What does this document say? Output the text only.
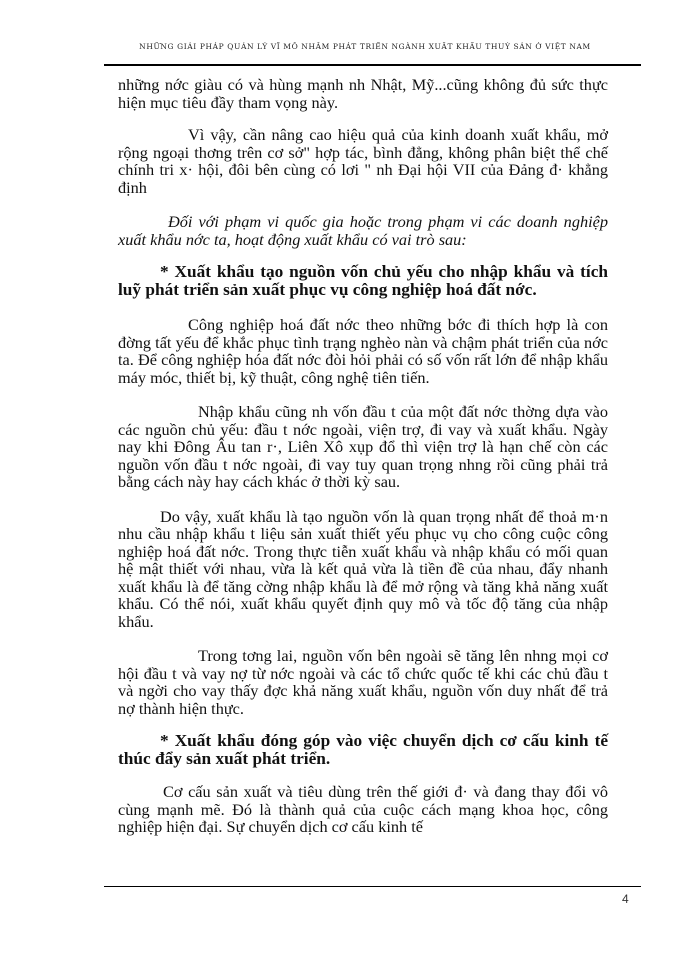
NHỮNG GIẢI PHÁP QUẢN LÝ VĨ MÔ NHẰM PHÁT TRIỂN NGÀNH XUẤT KHẨU THUỶ SẢN Ở VIỆT NAM

những nớc giàu có và hùng mạnh nh Nhật, Mỹ...cũng không đủ sức thực hiện mục tiêu đầy tham vọng này.

Vì vậy, cần nâng cao hiệu quả của kinh doanh xuất khẩu, mở rộng ngoại thơng trên cơ sở" hợp tác, bình đẳng, không phân biệt thể chế chính tri x· hội, đôi bên cùng có lơi " nh Đại hội VII của Đảng đ· khẳng định

Đối với phạm vi quốc gia hoặc trong phạm vi các doanh nghiệp xuất khẩu nớc ta, hoạt động xuất khẩu có vai trò sau:

* Xuất khẩu tạo nguồn vốn chủ yếu cho nhập khẩu và tích luỹ phát triển sản xuất phục vụ công nghiệp hoá đất nớc.

Công nghiệp hoá đất nớc theo những bớc đi thích hợp là con đờng tất yếu để khắc phục tình trạng nghèo nàn và chậm phát triển của nớc ta. Để công nghiệp hóa đất nớc đòi hỏi phải có số vốn rất lớn để nhập khẩu máy móc, thiết bị, kỹ thuật, công nghệ tiên tiến.

Nhập khẩu cũng nh vốn đầu t của một đất nớc thờng dựa vào các nguồn chủ yếu: đầu t nớc ngoài, viện trợ, đi vay và xuất khẩu. Ngày nay khi Đông Âu tan r·, Liên Xô xụp đổ thì viện trợ là hạn chế còn các nguồn vốn đầu t nớc ngoài, đi vay tuy quan trọng nhng rồi cũng phải trả bằng cách này hay cách khác ở thời kỳ sau.

Do vậy, xuất khẩu là tạo nguồn vốn là quan trọng nhất để thoả m·n nhu cầu nhập khẩu t liệu sản xuất thiết yếu phục vụ cho công cuộc công nghiệp hoá đất nớc. Trong thực tiễn xuất khẩu và nhập khẩu có mối quan hệ mật thiết với nhau, vừa là kết quả vừa là tiền đề của nhau, đẩy nhanh xuất khẩu là để tăng cờng nhập khẩu là để mở rộng và tăng khả năng xuất khẩu. Có thể nói, xuất khẩu quyết định quy mô và tốc độ tăng của nhập khẩu.

Trong tơng lai, nguồn vốn bên ngoài sẽ tăng lên nhng mọi cơ hội đầu t và vay nợ từ nớc ngoài và các tổ chức quốc tế khi các chủ đầu t và ngời cho vay thấy đợc khả năng xuất khẩu, nguồn vốn duy nhất để trả nợ thành hiện thực.

* Xuất khẩu đóng góp vào việc chuyển dịch cơ cấu kinh tế thúc đẩy sản xuất phát triển.

Cơ cấu sản xuất và tiêu dùng trên thế giới đ· và đang thay đổi vô cùng mạnh mẽ. Đó là thành quả của cuộc cách mạng khoa học, công nghiệp hiện đại. Sự chuyển dịch cơ cấu kinh tế

4
